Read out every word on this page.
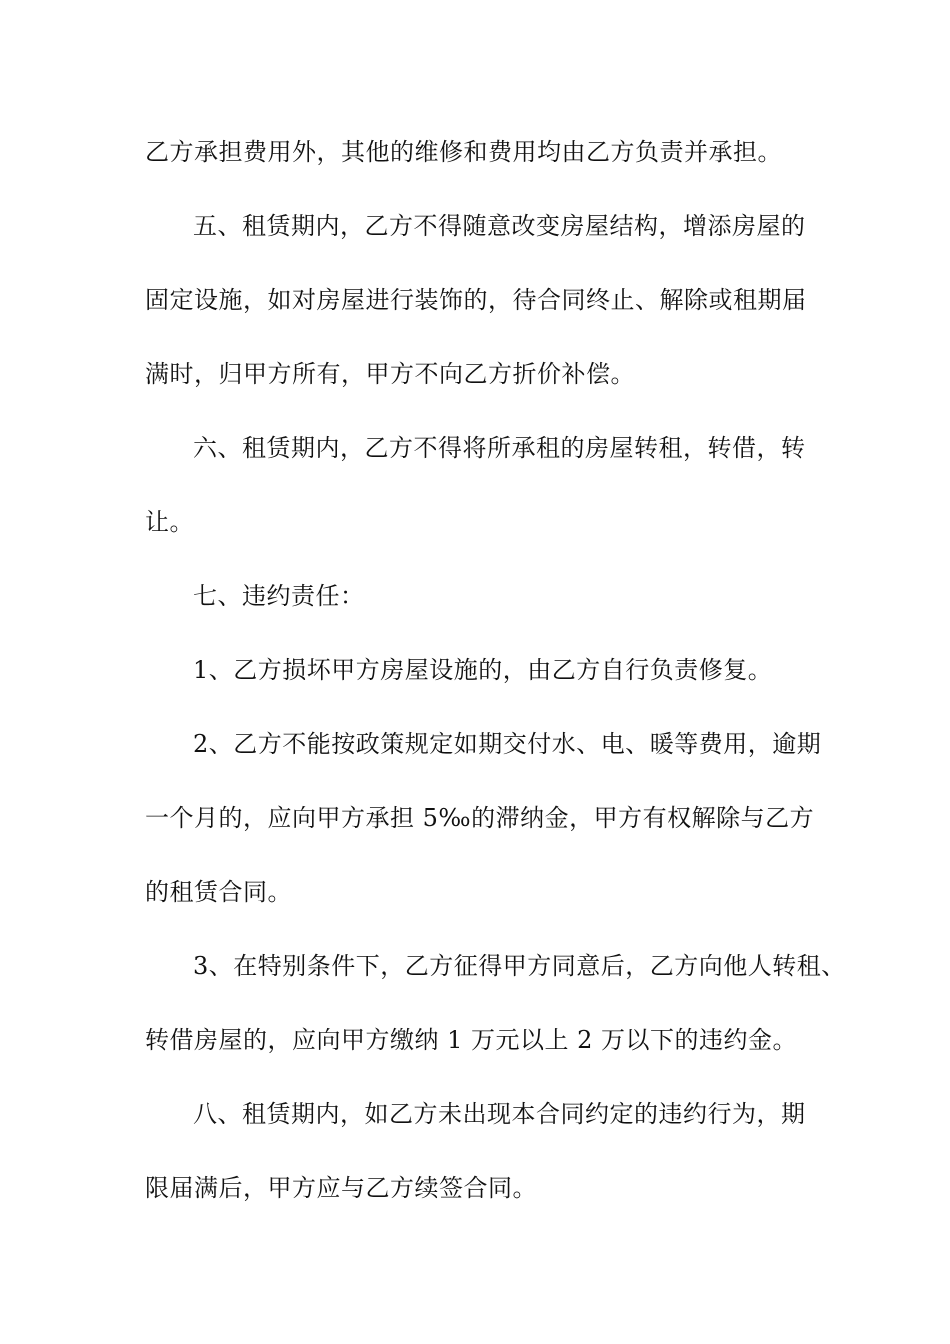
乙方承担费用外，其他的维修和费用均由乙方负责并承担。
五、租赁期内，乙方不得随意改变房屋结构，增添房屋的
固定设施，如对房屋进行装饰的，待合同终止、解除或租期届
满时，归甲方所有，甲方不向乙方折价补偿。
六、租赁期内，乙方不得将所承租的房屋转租，转借，转
让。
七、违约责任：
1、乙方损坏甲方房屋设施的，由乙方自行负责修复。
2、乙方不能按政策规定如期交付水、电、暖等费用，逾期
一个月的，应向甲方承担 5‰的滞纳金，甲方有权解除与乙方
的租赁合同。
3、在特别条件下，乙方征得甲方同意后，乙方向他人转租、
转借房屋的，应向甲方缴纳 1 万元以上 2 万以下的违约金。
八、租赁期内，如乙方未出现本合同约定的违约行为，期
限届满后，甲方应与乙方续签合同。
